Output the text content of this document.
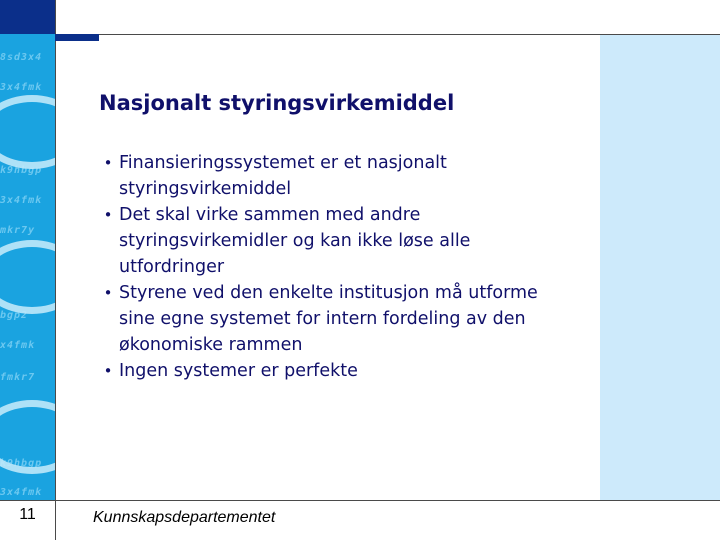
8sd3x4
3x4fmk
k9hbgp
3x4fmk
mkr7y
bgp2
x4fmk
fmkr7
k9hbgp
3x4fmk
Nasjonalt styringsvirkemiddel
• Finansieringssystemet er et nasjonalt styringsvirkemiddel
• Det skal virke sammen med andre styringsvirkemidler og kan ikke løse alle utfordringer
• Styrene ved den enkelte institusjon må utforme sine egne systemet for intern fordeling av den økonomiske rammen
• Ingen systemer er perfekte
11	Kunnskapsdepartementet
